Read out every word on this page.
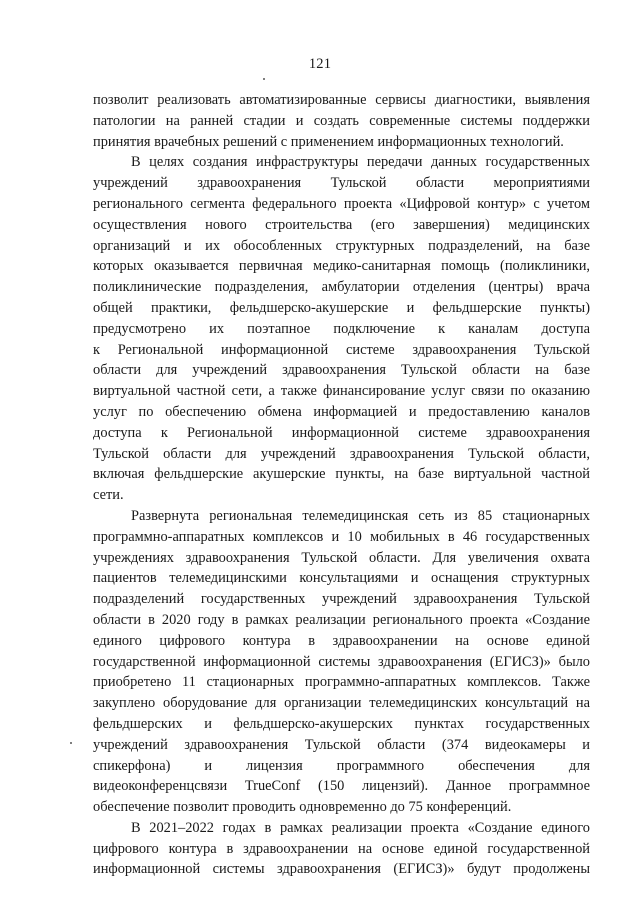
121

позволит реализовать автоматизированные сервисы диагностики, выявления
патологии на ранней стадии и создать современные системы поддержки
принятия врачебных решений с применением информационных технологий.

В целях создания инфраструктуры передачи данных государственных
учреждений здравоохранения Тульской области мероприятиями
регионального сегмента федерального проекта «Цифровой контур» с учетом
осуществления нового строительства (его завершения) медицинских
организаций и их обособленных структурных подразделений, на базе
которых оказывается первичная медико-санитарная помощь (поликлиники,
поликлинические подразделения, амбулатории отделения (центры) врача
общей практики, фельдшерско-акушерские и фельдшерские пункты)
предусмотрено их поэтапное подключение к каналам доступа
к Региональной информационной системе здравоохранения Тульской
области для учреждений здравоохранения Тульской области на базе
виртуальной частной сети, а также финансирование услуг связи по оказанию
услуг по обеспечению обмена информацией и предоставлению каналов
доступа к Региональной информационной системе здравоохранения
Тульской области для учреждений здравоохранения Тульской области,
включая фельдшерские акушерские пункты, на базе виртуальной частной
сети.

Развернута региональная телемедицинская сеть из 85 стационарных
программно-аппаратных комплексов и 10 мобильных в 46 государственных
учреждениях здравоохранения Тульской области. Для увеличения охвата
пациентов телемедицинскими консультациями и оснащения структурных
подразделений государственных учреждений здравоохранения Тульской
области в 2020 году в рамках реализации регионального проекта «Создание
единого цифрового контура в здравоохранении на основе единой
государственной информационной системы здравоохранения (ЕГИСЗ)» было
приобретено 11 стационарных программно-аппаратных комплексов. Также
закуплено оборудование для организации телемедицинских консультаций на
фельдшерских и фельдшерско-акушерских пунктах государственных
учреждений здравоохранения Тульской области (374 видеокамеры и
спикерфона) и лицензия программного обеспечения для
видеоконференцсвязи TrueConf (150 лицензий). Данное программное
обеспечение позволит проводить одновременно до 75 конференций.

В 2021–2022 годах в рамках реализации проекта «Создание единого
цифрового контура в здравоохранении на основе единой государственной
информационной системы здравоохранения (ЕГИСЗ)» будут продолжены
